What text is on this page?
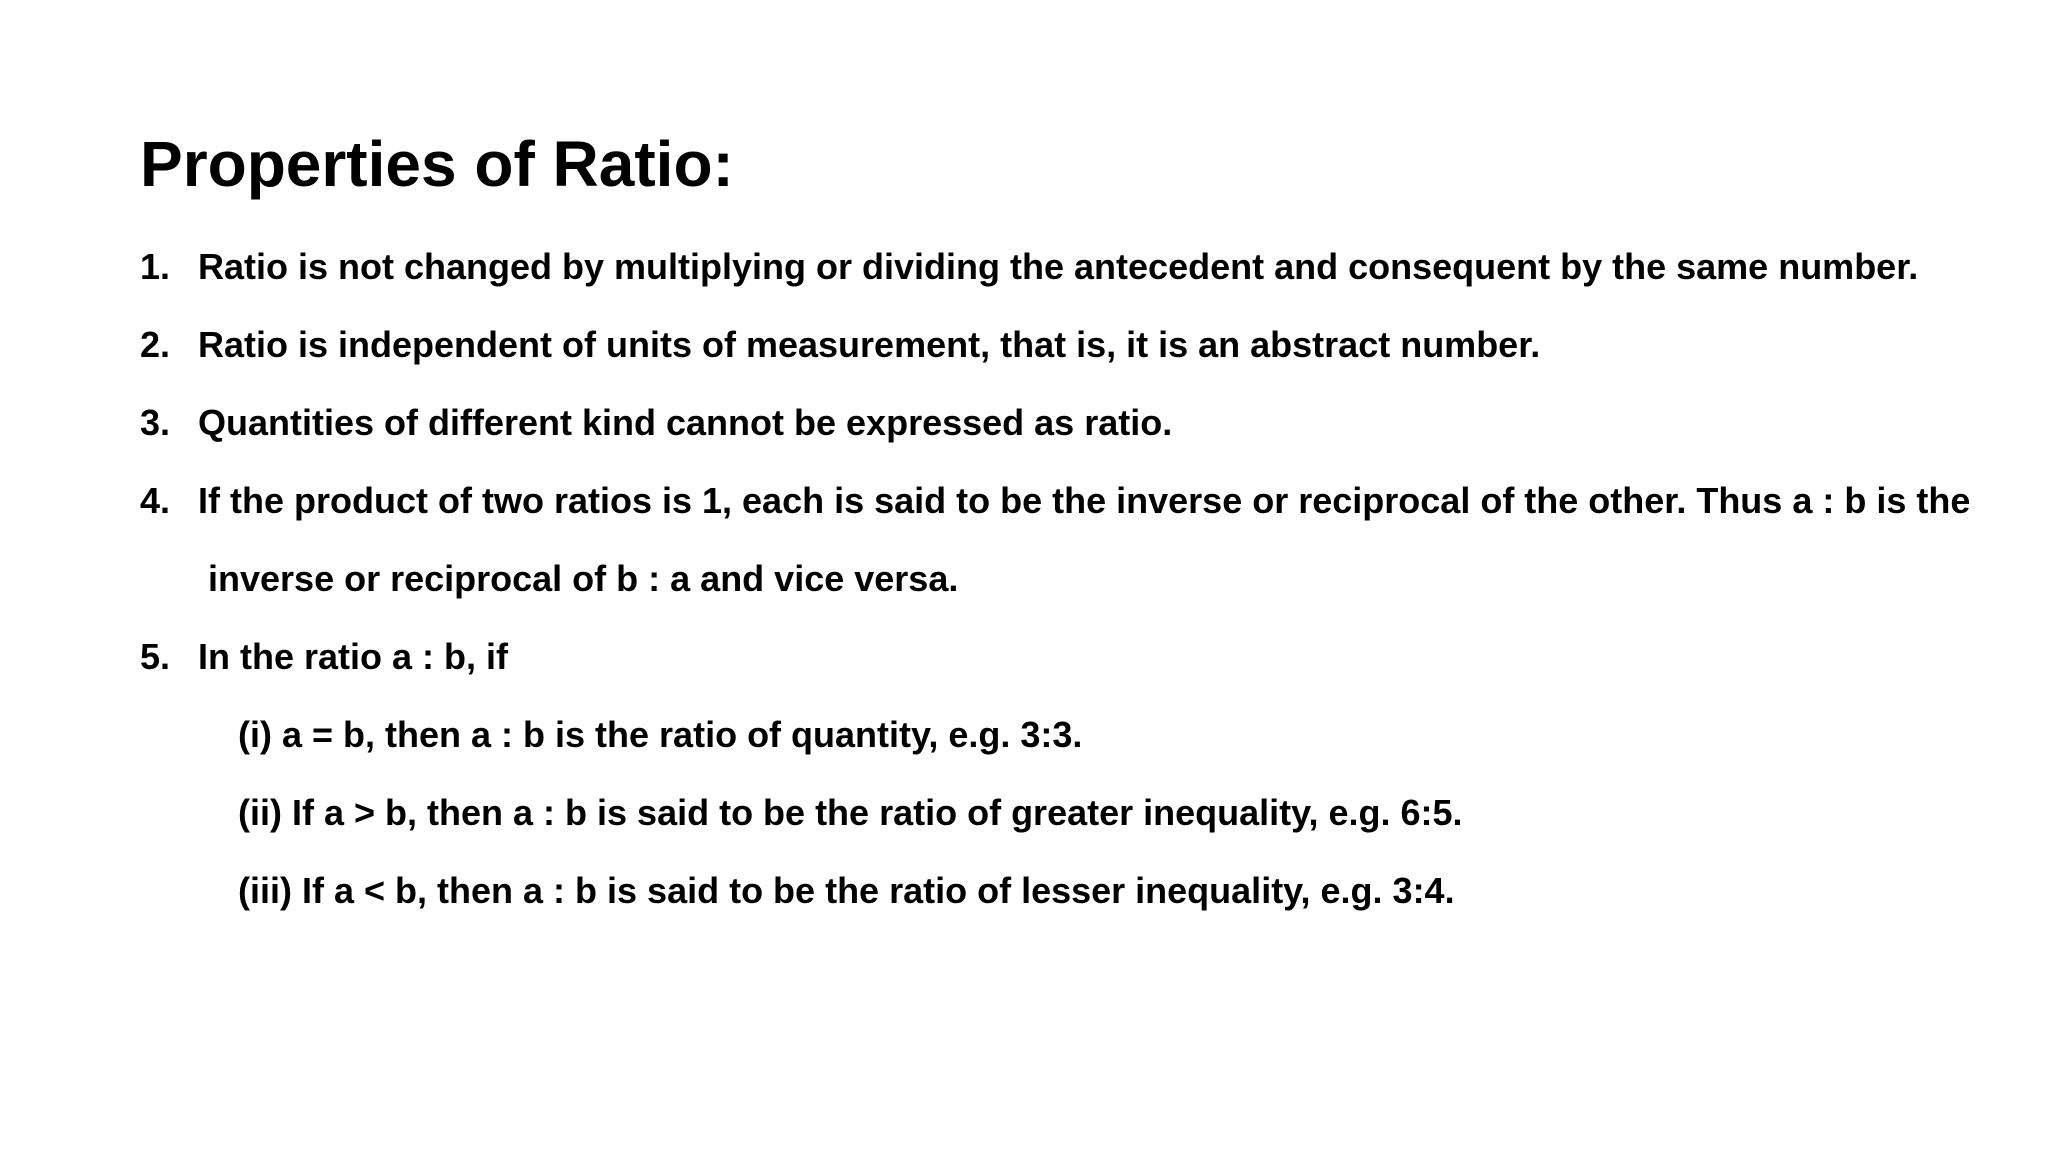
Properties of Ratio:
1. Ratio is not changed by multiplying or dividing the antecedent and consequent by the same number.
2. Ratio is independent of units of measurement, that is, it is an abstract number.
3. Quantities of different kind cannot be expressed as ratio.
4. If the product of two ratios is 1, each is said to be the inverse or reciprocal of the other. Thus a : b is the inverse or reciprocal of b : a and vice versa.
5. In the ratio a : b, if
(i) a = b, then a : b is the ratio of quantity, e.g. 3:3.
(ii) If a > b, then a : b is said to be the ratio of greater inequality, e.g. 6:5.
(iii) If a < b, then a : b is said to be the ratio of lesser inequality, e.g. 3:4.
